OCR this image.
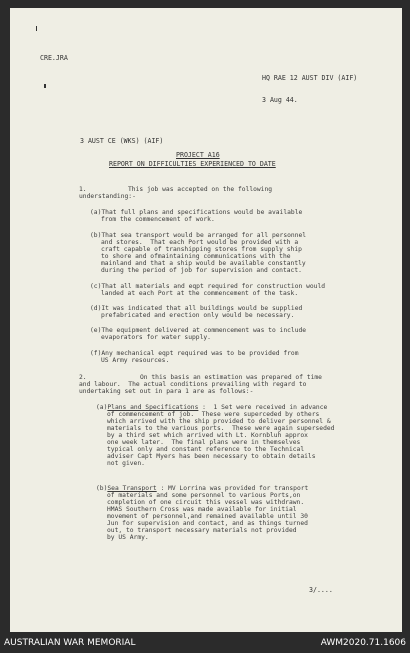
CRE.JRA
HQ RAE 12 AUST DIV (AIF)
3 Aug 44.
3 AUST CE (WKS) (AIF)
PROJECT A16
REPORT ON DIFFICULTIES EXPERIENCED TO DATE
1.	This job was accepted on the following
understanding:-
(a)That full plans and specifications would be available
from the commencement of work.
(b)That sea transport would be arranged for all personnel
and stores.  That each Port would be provided with a
craft capable of transhipping stores from supply ship
to shore and ofmaintaining communications with the
mainland and that a ship would be available constantly
during the period of job for supervision and contact.
(c)That all materials and eqpt required for construction would
landed at each Port at the commencement of the task.
(d)It was indicated that all buildings would be supplied
prefabricated and erection only would be necessary.
(e)The equipment delivered at commencement was to include
evaporators for water supply.
(f)Any mechanical eqpt required was to be provided from
US Army resources.
2.	On this basis an estimation was prepared of time
and labour.  The actual conditions prevailing with regard to
undertaking set out in para 1 are as follows:-
(a)Plans and Specifications :  1 Set were received in advance
of commencement of job.  These were superceded by others
which arrived with the ship provided to deliver personnel &
materials to the various ports.  These were again superseded
by a third set which arrived with Lt. Kornbluh approx
one week later.  The final plans were in themselves
typical only and constant reference to the Technical
adviser Capt Myers has been necessary to obtain details
not given.
(b)Sea Transport : MV Lorrina was provided for transport
of materials and some personnel to various Ports,on
completion of one circuit this vessel was withdrawn.
HMAS Southern Cross was made available for initial
movement of personnel,and remained available until 30
Jun for supervision and contact, and as things turned
out, to transport necessary materials not provided
by US Army.
3/....
AUSTRALIAN WAR MEMORIAL	AWM2020.71.1606
